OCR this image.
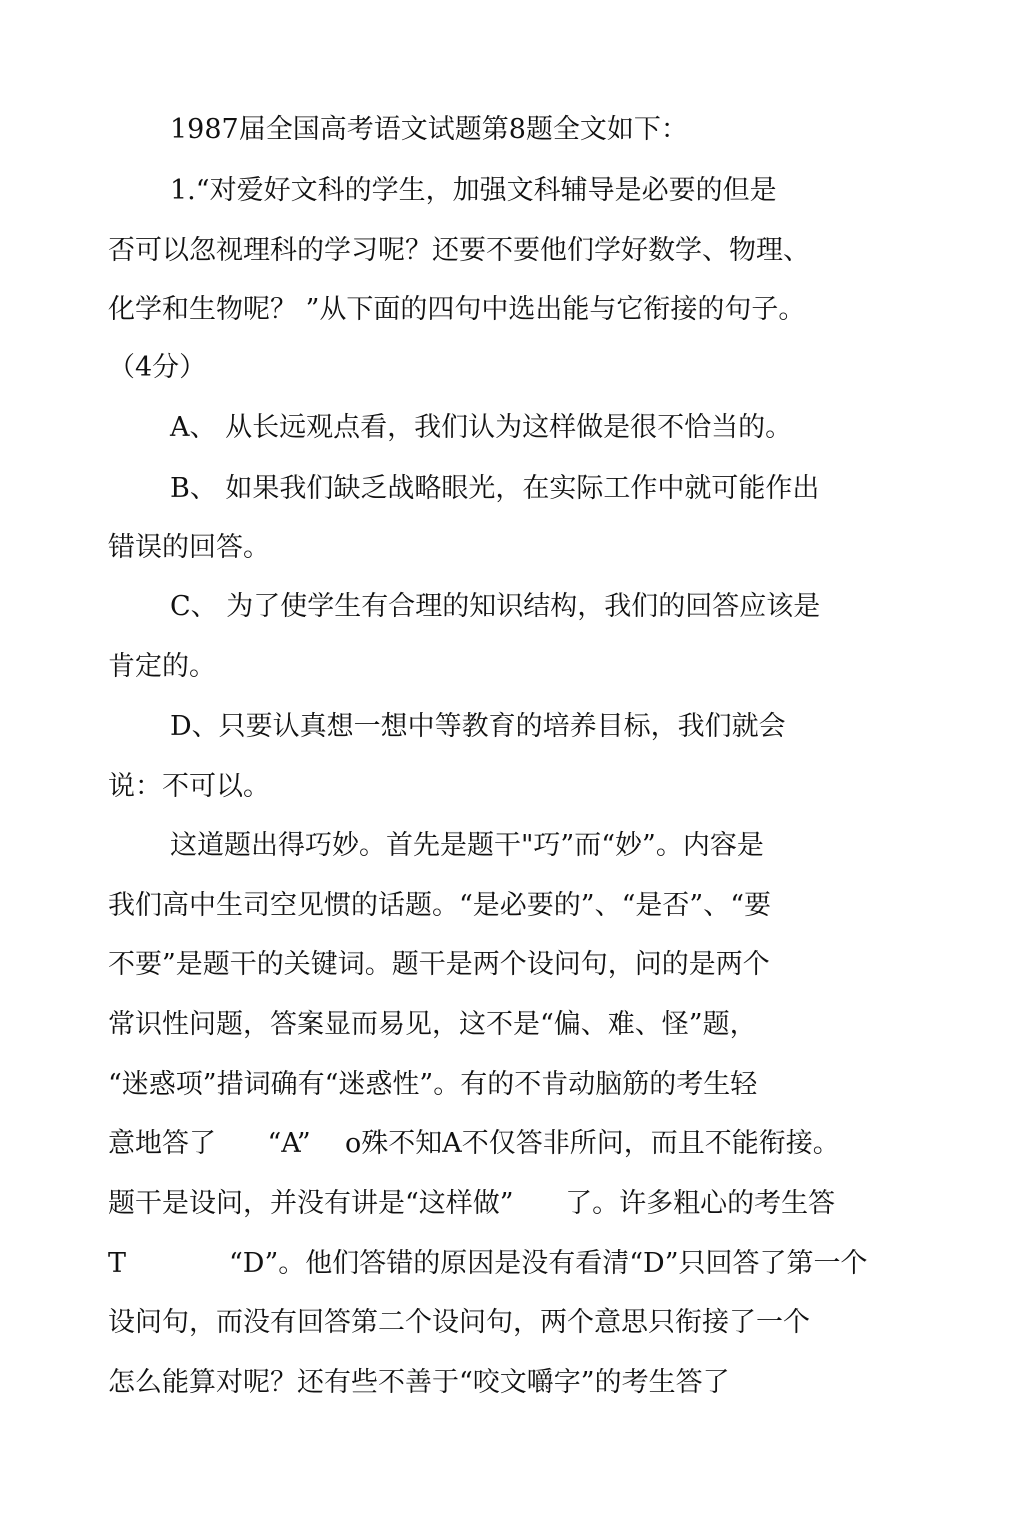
1987届全国高考语文试题第8题全文如下：
1.“对爱好文科的学生，加强文科辅导是必要的但是
否可以忽视理科的学习呢？还要不要他们学好数学、物理、
化学和生物呢？ ”从下面的四句中选出能与它衔接的句子。
（4分）
A、 从长远观点看，我们认为这样做是很不恰当的。
B、 如果我们缺乏战略眼光，在实际工作中就可能作出
错误的回答。
C、 为了使学生有合理的知识结构，我们的回答应该是
肯定的。
D、只要认真想一想中等教育的培养目标，我们就会
说：不可以。
这道题出得巧妙。首先是题干"巧”而“妙”。内容是
我们高中生司空见惯的话题。“是必要的”、“是否”、“要
不要”是题干的关键词。题干是两个设问句，问的是两个
常识性问题，答案显而易见，这不是“偏、难、怪”题，
“迷惑项”措词确有“迷惑性”。有的不肯动脑筋的考生轻
意地答了      “A”    o殊不知A不仅答非所问，而且不能衔接。
题干是设问，并没有讲是“这样做”      了。许多粗心的考生答
T            “D”。他们答错的原因是没有看清“D”只回答了第一个
设问句，而没有回答第二个设问句，两个意思只衔接了一个
怎么能算对呢？还有些不善于“咬文嚼字”的考生答了
